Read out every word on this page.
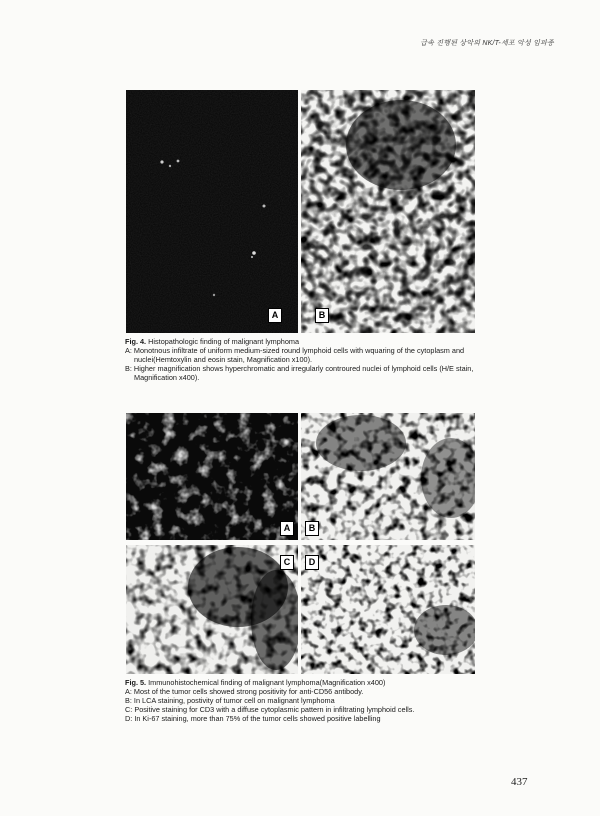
급속 진행된 상악의 NK/T-세포 악성 임파종
A	B

Fig. 4. Histopathologic finding of malignant lymphoma

A: Monotnous infiltrate of uniform medium-sized round lymphoid cells with wquaring of the cytoplasm and nuclei(Hemtoxylin and eosin stain, Magnification x100).

B: Higher magnification shows hyperchromatic and irregularly controured nuclei of lymphoid cells (H/E stain, Magnification x400).

A	B
C	D

Fig. 5. Immunohistochemical finding of malignant lymphoma(Magnification x400)

A: Most of the tumor cells showed strong positivity for anti-CD56 antibody.

B: In LCA staining, postivity of tumor cell on malignant lymphoma

C: Positive staining for CD3 with a diffuse cytoplasmic pattern in infiltrating lymphoid cells.

D: In Ki-67 staining, more than 75% of the tumor cells showed positive labelling

437
